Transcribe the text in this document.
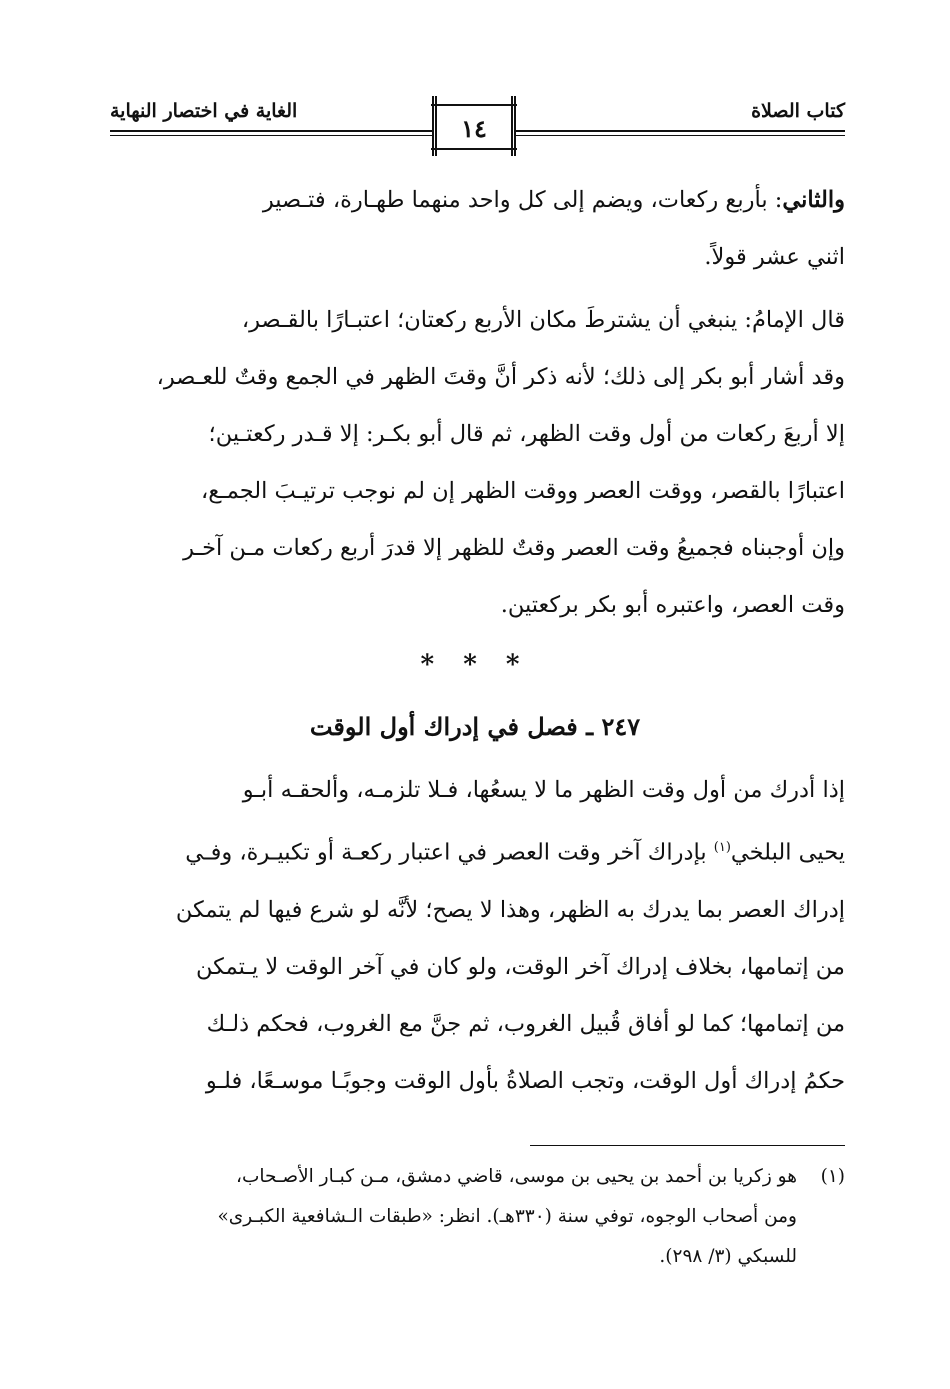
كتاب الصلاة
الغاية في اختصار النهاية
١٤
والثاني: بأربع ركعات، ويضم إلى كل واحد منهما طهـارة، فتـصير
اثني عشر قولاً.
قال الإمامُ: ينبغي أن يشترطَ مكان الأربع ركعتان؛ اعتبـارًا بالقـصر،
وقد أشار أبو بكر إلى ذلك؛ لأنه ذكر أنَّ وقتَ الظهر في الجمع وقتٌ للعـصر،
إلا أربعَ ركعات من أول وقت الظهر، ثم قال أبو بكـر: إلا قـدر ركعتـين؛
اعتبارًا بالقصر، ووقت العصر ووقت الظهر إن لم نوجب ترتيـبَ الجمـع،
وإن أوجبناه فجميعُ وقت العصر وقتٌ للظهر إلا قدرَ أربع ركعات مـن آخـر
وقت العصر، واعتبره أبو بكر بركعتين.
* * *
٢٤٧ ـ فصل في إدراك أول الوقت
إذا أدرك من أول وقت الظهر ما لا يسعُها، فـلا تلزمـه، وألحقـه أبـو
يحيى البلخي$^{(١)}$ بإدراك آخر وقت العصر في اعتبار ركعـة أو تكبيـرة، وفـي
إدراك العصر بما يدرك به الظهر، وهذا لا يصح؛ لأنَّه لو شرع فيها لم يتمكن
من إتمامها، بخلاف إدراك آخر الوقت، ولو كان في آخر الوقت لا يـتمكن
من إتمامها؛ كما لو أفاق قُبيل الغروب، ثم جنَّ مع الغروب، فحكم ذلـك
حكمُ إدراك أول الوقت، وتجب الصلاةُ بأول الوقت وجوبًـا موسـعًا، فلـو
(١)
هو زكريا بن أحمد بن يحيى بن موسى، قاضي دمشق، مـن كبـار الأصـحاب،
ومن أصحاب الوجوه، توفي سنة (٣٣٠هـ). انظر: «طبقات الـشافعية الكبـرى»
للسبكي (٣/ ٢٩٨).
